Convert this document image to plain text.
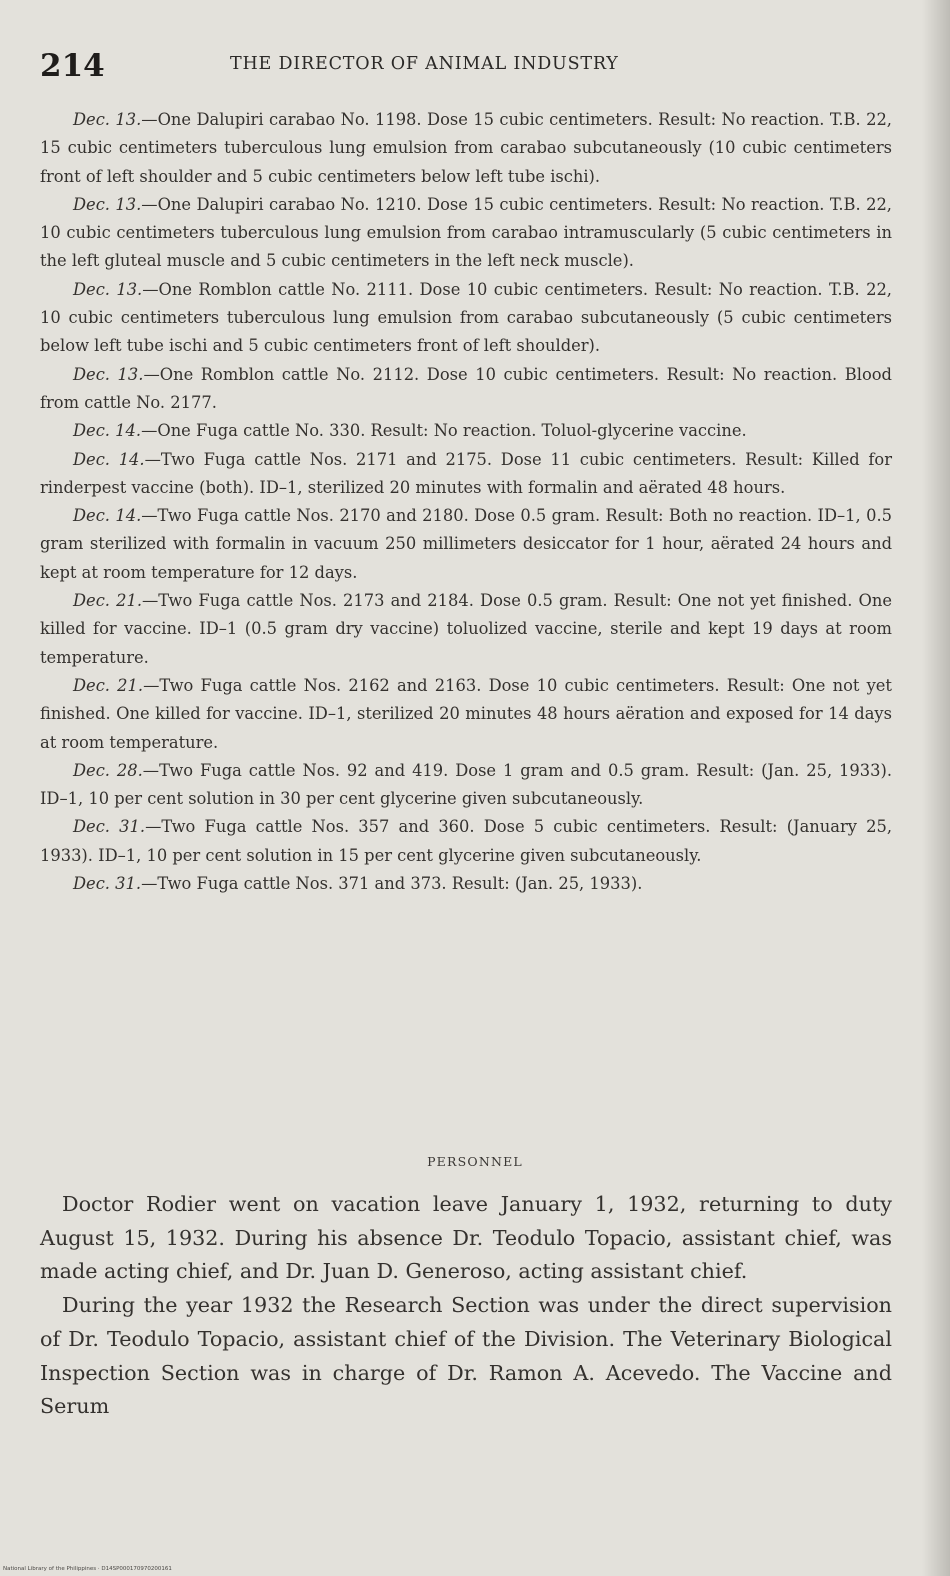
214	THE DIRECTOR OF ANIMAL INDUSTRY

Dec. 13.—One Dalupiri carabao No. 1198. Dose 15 cubic centimeters. Result: No reaction. T.B. 22, 15 cubic centimeters tuberculous lung emulsion from carabao subcutaneously (10 cubic centimeters front of left shoulder and 5 cubic centimeters below left tube ischi).

Dec. 13.—One Dalupiri carabao No. 1210. Dose 15 cubic centimeters. Result: No reaction. T.B. 22, 10 cubic centimeters tuberculous lung emulsion from carabao intramuscularly (5 cubic centimeters in the left gluteal muscle and 5 cubic centimeters in the left neck muscle).

Dec. 13.—One Romblon cattle No. 2111. Dose 10 cubic centimeters. Result: No reaction. T.B. 22, 10 cubic centimeters tuberculous lung emulsion from carabao subcutaneously (5 cubic centimeters below left tube ischi and 5 cubic centimeters front of left shoulder).

Dec. 13.—One Romblon cattle No. 2112. Dose 10 cubic centimeters. Result: No reaction. Blood from cattle No. 2177.

Dec. 14.—One Fuga cattle No. 330. Result: No reaction. Toluol-glycerine vaccine.

Dec. 14.—Two Fuga cattle Nos. 2171 and 2175. Dose 11 cubic centimeters. Result: Killed for rinderpest vaccine (both). ID–1, sterilized 20 minutes with formalin and aërated 48 hours.

Dec. 14.—Two Fuga cattle Nos. 2170 and 2180. Dose 0.5 gram. Result: Both no reaction. ID–1, 0.5 gram sterilized with formalin in vacuum 250 millimeters desiccator for 1 hour, aërated 24 hours and kept at room temperature for 12 days.

Dec. 21.—Two Fuga cattle Nos. 2173 and 2184. Dose 0.5 gram. Result: One not yet finished. One killed for vaccine. ID–1 (0.5 gram dry vaccine) toluolized vaccine, sterile and kept 19 days at room temperature.

Dec. 21.—Two Fuga cattle Nos. 2162 and 2163. Dose 10 cubic centimeters. Result: One not yet finished. One killed for vaccine. ID–1, sterilized 20 minutes 48 hours aëration and exposed for 14 days at room temperature.

Dec. 28.—Two Fuga cattle Nos. 92 and 419. Dose 1 gram and 0.5 gram. Result: (Jan. 25, 1933). ID–1, 10 per cent solution in 30 per cent glycerine given subcutaneously.

Dec. 31.—Two Fuga cattle Nos. 357 and 360. Dose 5 cubic centimeters. Result: (January 25, 1933). ID–1, 10 per cent solution in 15 per cent glycerine given subcutaneously.

Dec. 31.—Two Fuga cattle Nos. 371 and 373. Result: (Jan. 25, 1933).

PERSONNEL

Doctor Rodier went on vacation leave January 1, 1932, returning to duty August 15, 1932. During his absence Dr. Teodulo Topacio, assistant chief, was made acting chief, and Dr. Juan D. Generoso, acting assistant chief.

During the year 1932 the Research Section was under the direct supervision of Dr. Teodulo Topacio, assistant chief of the Division. The Veterinary Biological Inspection Section was in charge of Dr. Ramon A. Acevedo. The Vaccine and Serum

National Library of the Philippines · D14SP000170970200161
